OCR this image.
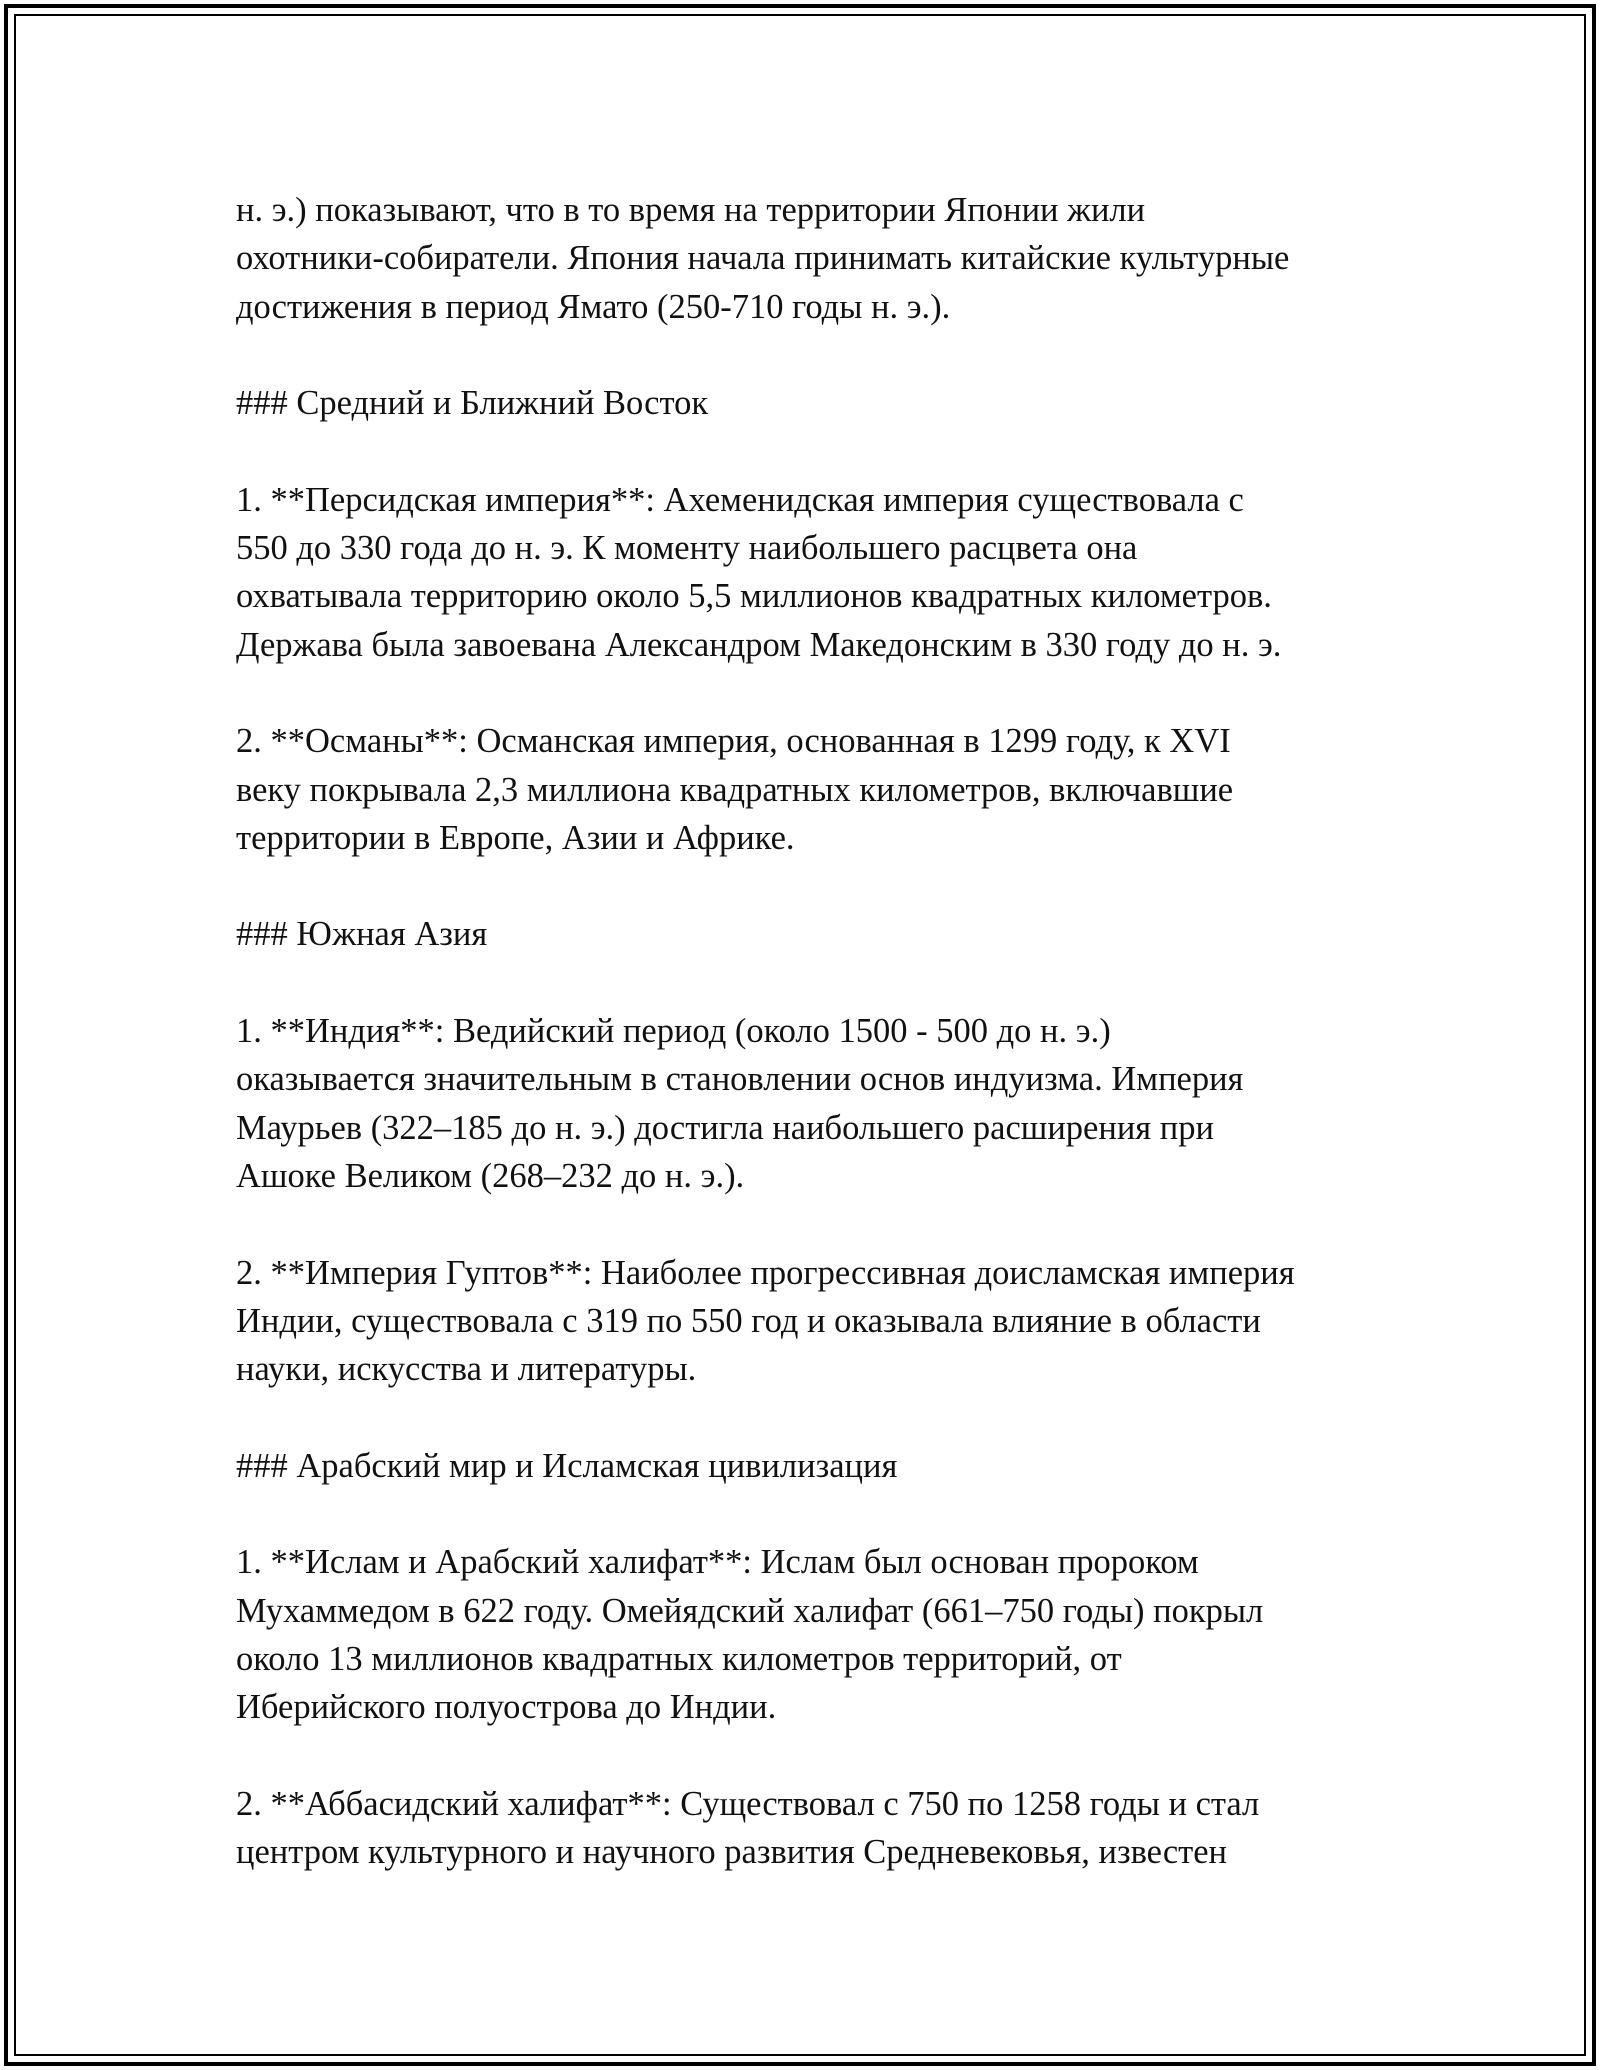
н. э.) показывают, что в то время на территории Японии жили
охотники-собиратели. Япония начала принимать китайские культурные
достижения в период Ямато (250-710 годы н. э.).
### Средний и Ближний Восток
1. **Персидская империя**: Ахеменидская империя существовала с
550 до 330 года до н. э. К моменту наибольшего расцвета она
охватывала территорию около 5,5 миллионов квадратных километров.
Держава была завоевана Александром Македонским в 330 году до н. э.
2. **Османы**: Османская империя, основанная в 1299 году, к XVI
веку покрывала 2,3 миллиона квадратных километров, включавшие
территории в Европе, Азии и Африке.
### Южная Азия
1. **Индия**: Ведийский период (около 1500 - 500 до н. э.)
оказывается значительным в становлении основ индуизма. Империя
Маурьев (322–185 до н. э.) достигла наибольшего расширения при
Ашоке Великом (268–232 до н. э.).
2. **Империя Гуптов**: Наиболее прогрессивная доисламская империя
Индии, существовала с 319 по 550 год и оказывала влияние в области
науки, искусства и литературы.
### Арабский мир и Исламская цивилизация
1. **Ислам и Арабский халифат**: Ислам был основан пророком
Мухаммедом в 622 году. Омейядский халифат (661–750 годы) покрыл
около 13 миллионов квадратных километров территорий, от
Иберийского полуострова до Индии.
2. **Аббасидский халифат**: Существовал с 750 по 1258 годы и стал
центром культурного и научного развития Средневековья, известен
